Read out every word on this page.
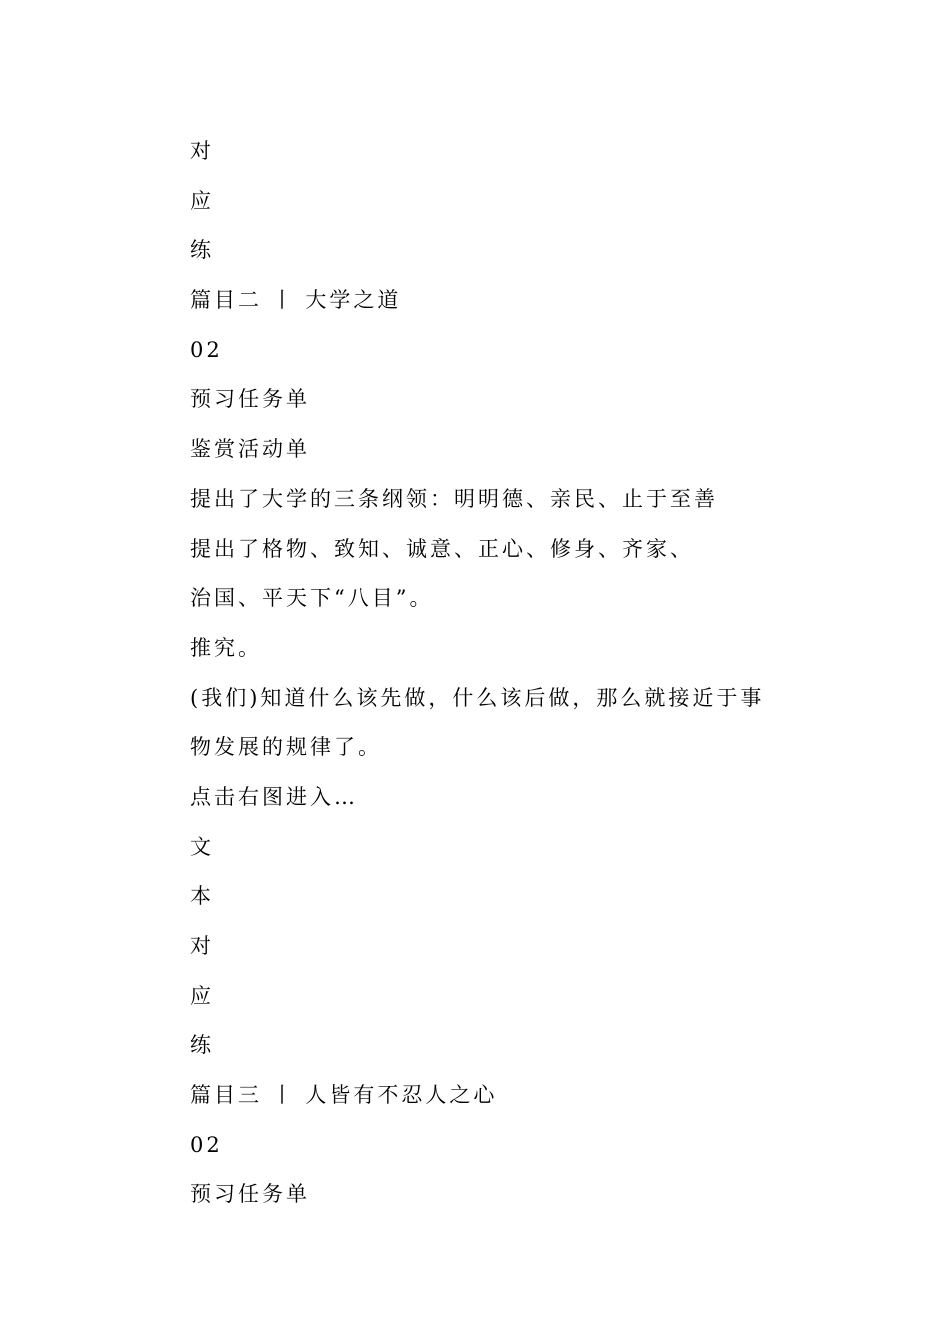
对
应
练
篇目二 丨 大学之道
02
预习任务单
鉴赏活动单
提出了大学的三条纲领：明明德、亲民、止于至善
提出了格物、致知、诚意、正心、修身、齐家、
治国、平天下“八目”。
推究。
(我们)知道什么该先做，什么该后做，那么就接近于事
物发展的规律了。
点击右图进入…
文
本
对
应
练
篇目三 丨 人皆有不忍人之心
02
预习任务单
